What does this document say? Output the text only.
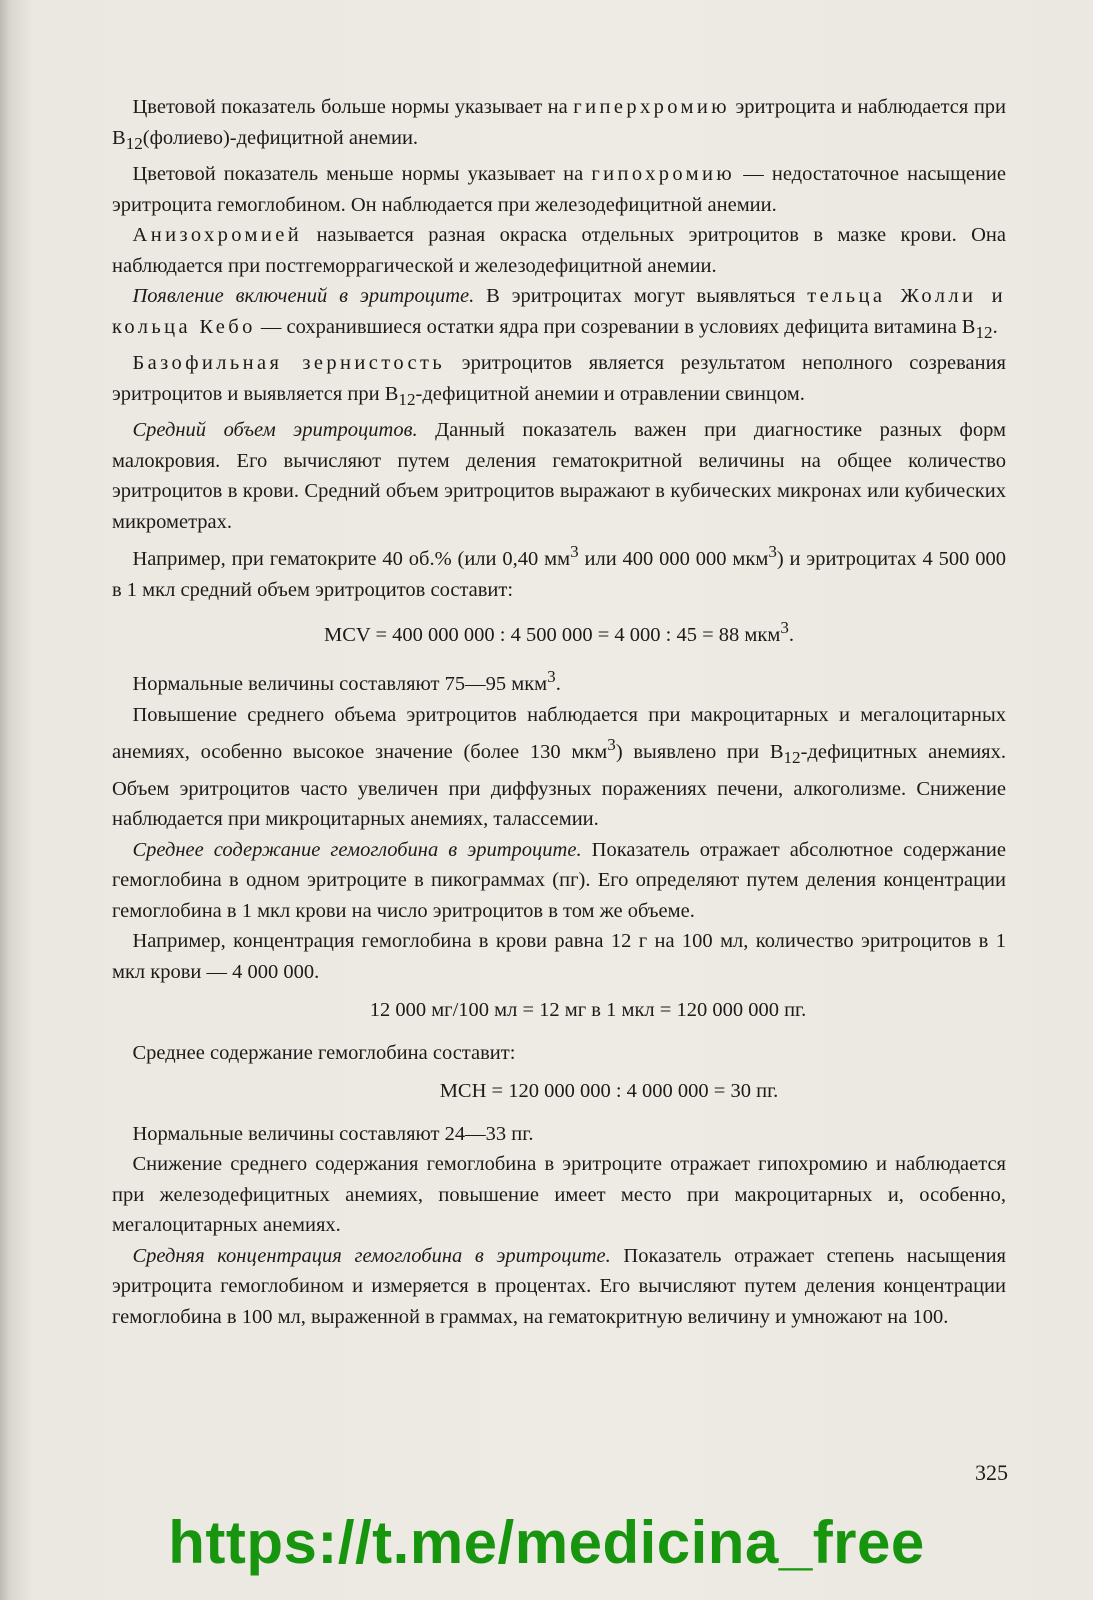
 Цветовой показатель больше нормы указывает на гиперхромию эритроцита и наблюдается при $B_{12}(фолиево)$-дефицитной анемии.

 Цветовой показатель меньше нормы указывает на гипохромию — недостаточное насыщение эритроцита гемоглобином. Он наблюдается при железодефицитной анемии.

 Анизохромией называется разная окраска отдельных эритроцитов в мазке крови. Она наблюдается при постгеморрагической и железодефицитной анемии.

 Появление включений в эритроците. В эритроцитах могут выявляться тельца Жолли и кольца Кебо — сохранившиеся остатки ядра при созревании в условиях дефицита витамина $B_{12}$.

 Базофильная зернистость эритроцитов является результатом неполного созревания эритроцитов и выявляется при $B_{12}$-дефицитной анемии и отравлении свинцом.

 Средний объем эритроцитов. Данный показатель важен при диагностике разных форм малокровия. Его вычисляют путем деления гематокритной величины на общее количество эритроцитов в крови. Средний объем эритроцитов выражают в кубических микронах или кубических микрометрах.

 Например, при гематокрите 40 об.% (или 0,40 $мм^3$ или 400 000 000 мкм$^3$) и эритроцитах 4 500 000 в 1 мкл средний объем эритроцитов составит:

MCV = 400 000 000 : 4 500 000 = 4 000 : 45 = 88 мкм$^3$.

 Нормальные величины составляют 75—95 мкм$^3$.

 Повышение среднего объема эритроцитов наблюдается при макроцитарных и мегалоцитарных анемиях, особенно высокое значение (более 130 мкм$^3$) выявлено при $B_{12}$-дефицитных анемиях. Объем эритроцитов часто увеличен при диффузных поражениях печени, алкоголизме. Снижение наблюдается при микроцитарных анемиях, талассемии.

 Среднее содержание гемоглобина в эритроците. Показатель отражает абсолютное содержание гемоглобина в одном эритроците в пикограммах (пг). Его определяют путем деления концентрации гемоглобина в 1 мкл крови на число эритроцитов в том же объеме.

 Например, концентрация гемоглобина в крови равна 12 г на 100 мл, количество эритроцитов в 1 мкл крови — 4 000 000.

12 000 мг/100 мл = 12 мг в 1 мкл = 120 000 000 пг.

 Среднее содержание гемоглобина составит:

MCH = 120 000 000 : 4 000 000 = 30 пг.

 Нормальные величины составляют 24—33 пг.

 Снижение среднего содержания гемоглобина в эритроците отражает гипохромию и наблюдается при железодефицитных анемиях, повышение имеет место при макроцитарных и, особенно, мегалоцитарных анемиях.

 Средняя концентрация гемоглобина в эритроците. Показатель отражает степень насыщения эритроцита гемоглобином и измеряется в процентах. Его вычисляют путем деления концентрации гемоглобина в 100 мл, выраженной в граммах, на гематокритную величину и умножают на 100.

325
https://t.me/medicina_free
